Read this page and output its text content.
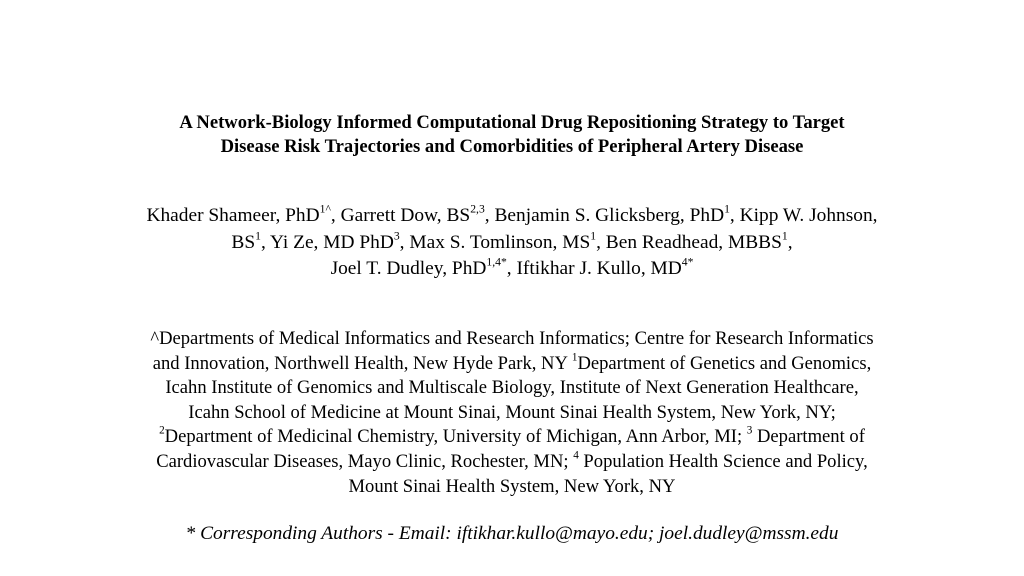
A Network-Biology Informed Computational Drug Repositioning Strategy to Target
Disease Risk Trajectories and Comorbidities of Peripheral Artery Disease
Khader Shameer, PhD$^{1\^{}}$, Garrett Dow, BS$^{2,3}$, Benjamin S. Glicksberg, PhD$^1$, Kipp W. Johnson,
$BS^1$, Yi Ze, MD PhD$^3$, Max S. Tomlinson, $MS^1$, Ben Readhead, MBBS$^1$,
Joel T. Dudley, PhD$^{1,4*}$, Iftikhar J. Kullo, $MD^{4*}$
^Departments of Medical Informatics and Research Informatics; Centre for Research Informatics
and Innovation, Northwell Health, New Hyde Park, NY $^1$Department of Genetics and Genomics,
Icahn Institute of Genomics and Multiscale Biology, Institute of Next Generation Healthcare,
Icahn School of Medicine at Mount Sinai, Mount Sinai Health System, New York, NY;
$^2$Department of Medicinal Chemistry, University of Michigan, Ann Arbor, MI; $^3$ Department of
Cardiovascular Diseases, Mayo Clinic, Rochester, MN; $^4$ Population Health Science and Policy,
Mount Sinai Health System, New York, NY
* Corresponding Authors - Email: iftikhar.kullo@mayo.edu; joel.dudley@mssm.edu
